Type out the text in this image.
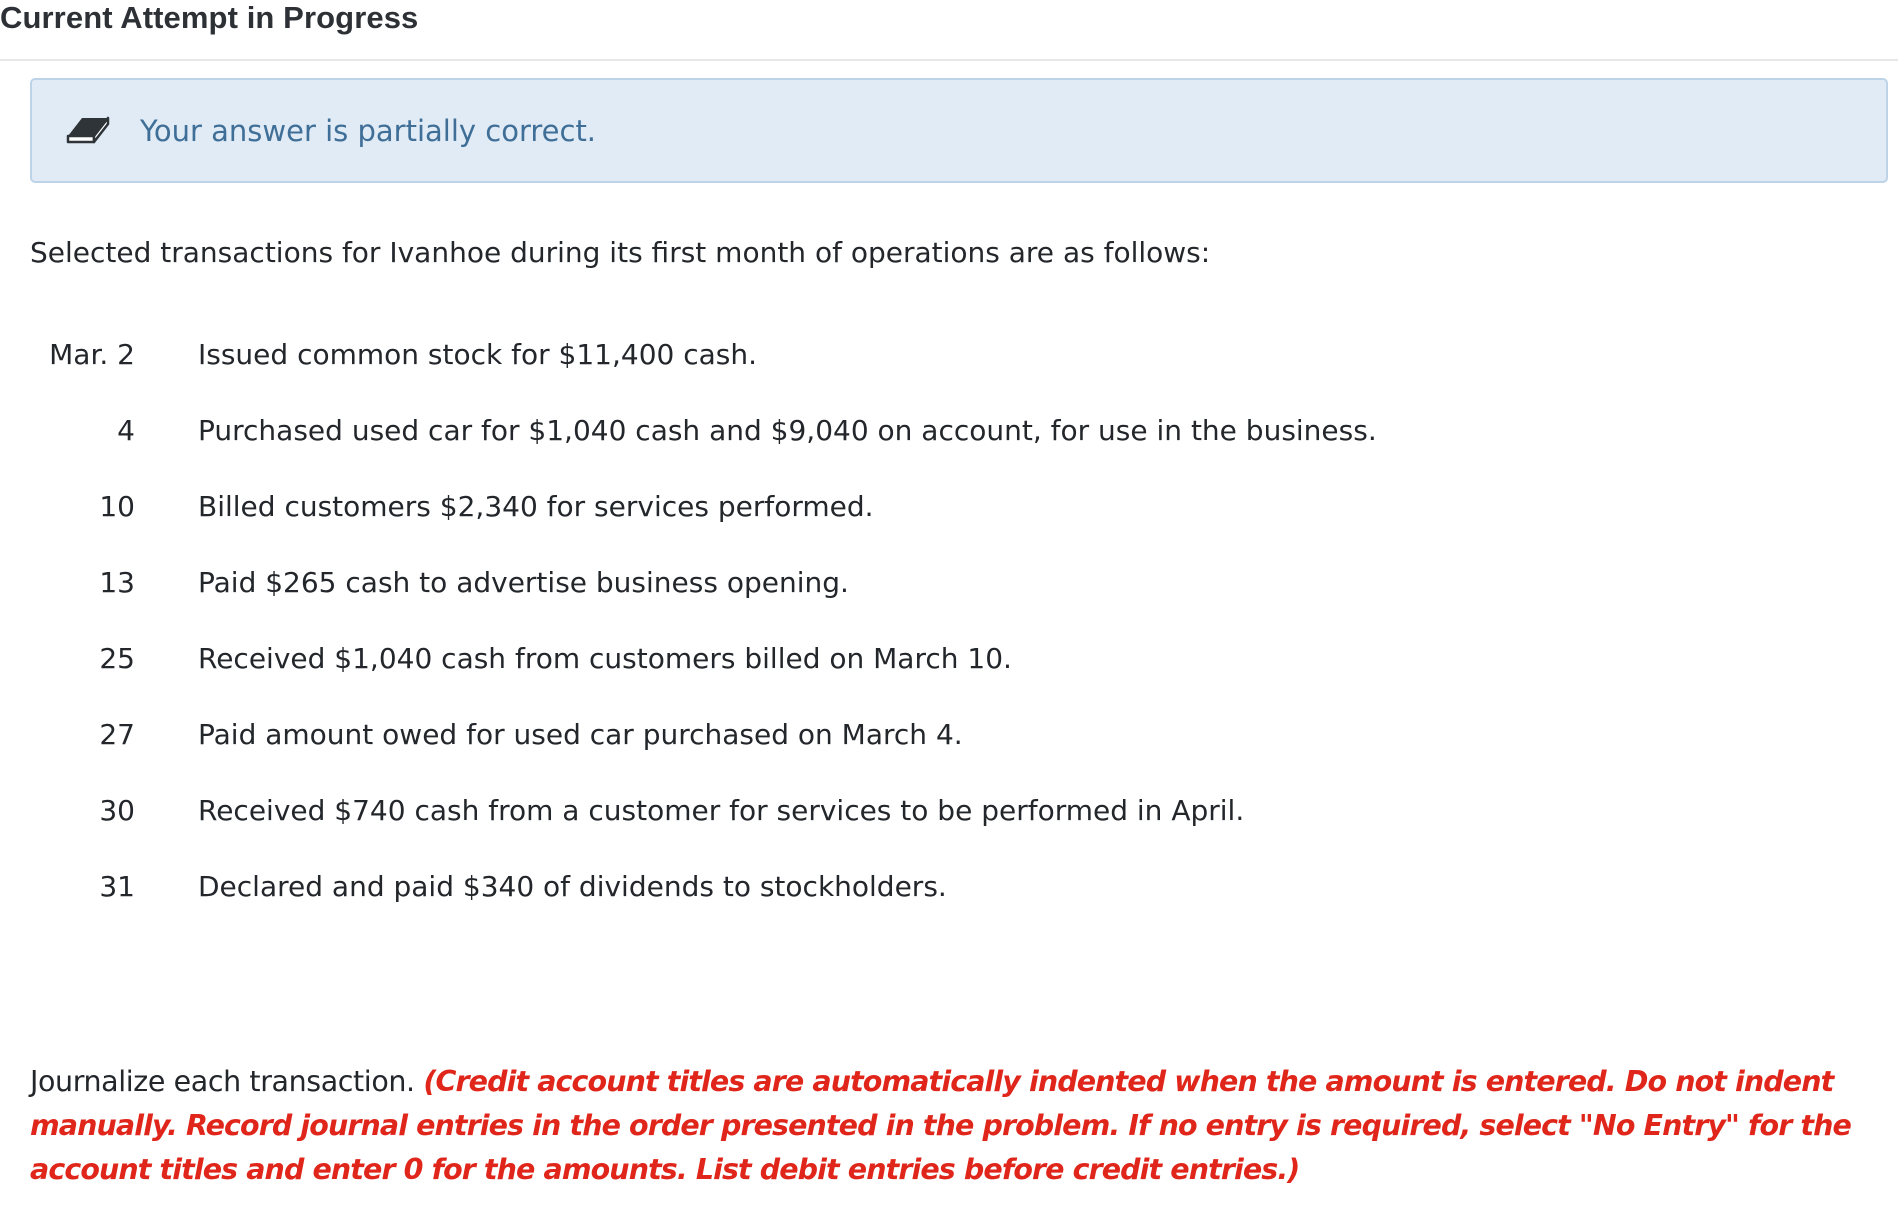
Current Attempt in Progress
Your answer is partially correct.
Selected transactions for Ivanhoe during its first month of operations are as follows:
Mar. 2 Issued common stock for $11,400 cash.
4 Purchased used car for $1,040 cash and $9,040 on account, for use in the business.
10 Billed customers $2,340 for services performed.
13 Paid $265 cash to advertise business opening.
25 Received $1,040 cash from customers billed on March 10.
27 Paid amount owed for used car purchased on March 4.
30 Received $740 cash from a customer for services to be performed in April.
31 Declared and paid $340 of dividends to stockholders.
Journalize each transaction. (Credit account titles are automatically indented when the amount is entered. Do not indent manually. Record journal entries in the order presented in the problem. If no entry is required, select "No Entry" for the account titles and enter 0 for the amounts. List debit entries before credit entries.)
